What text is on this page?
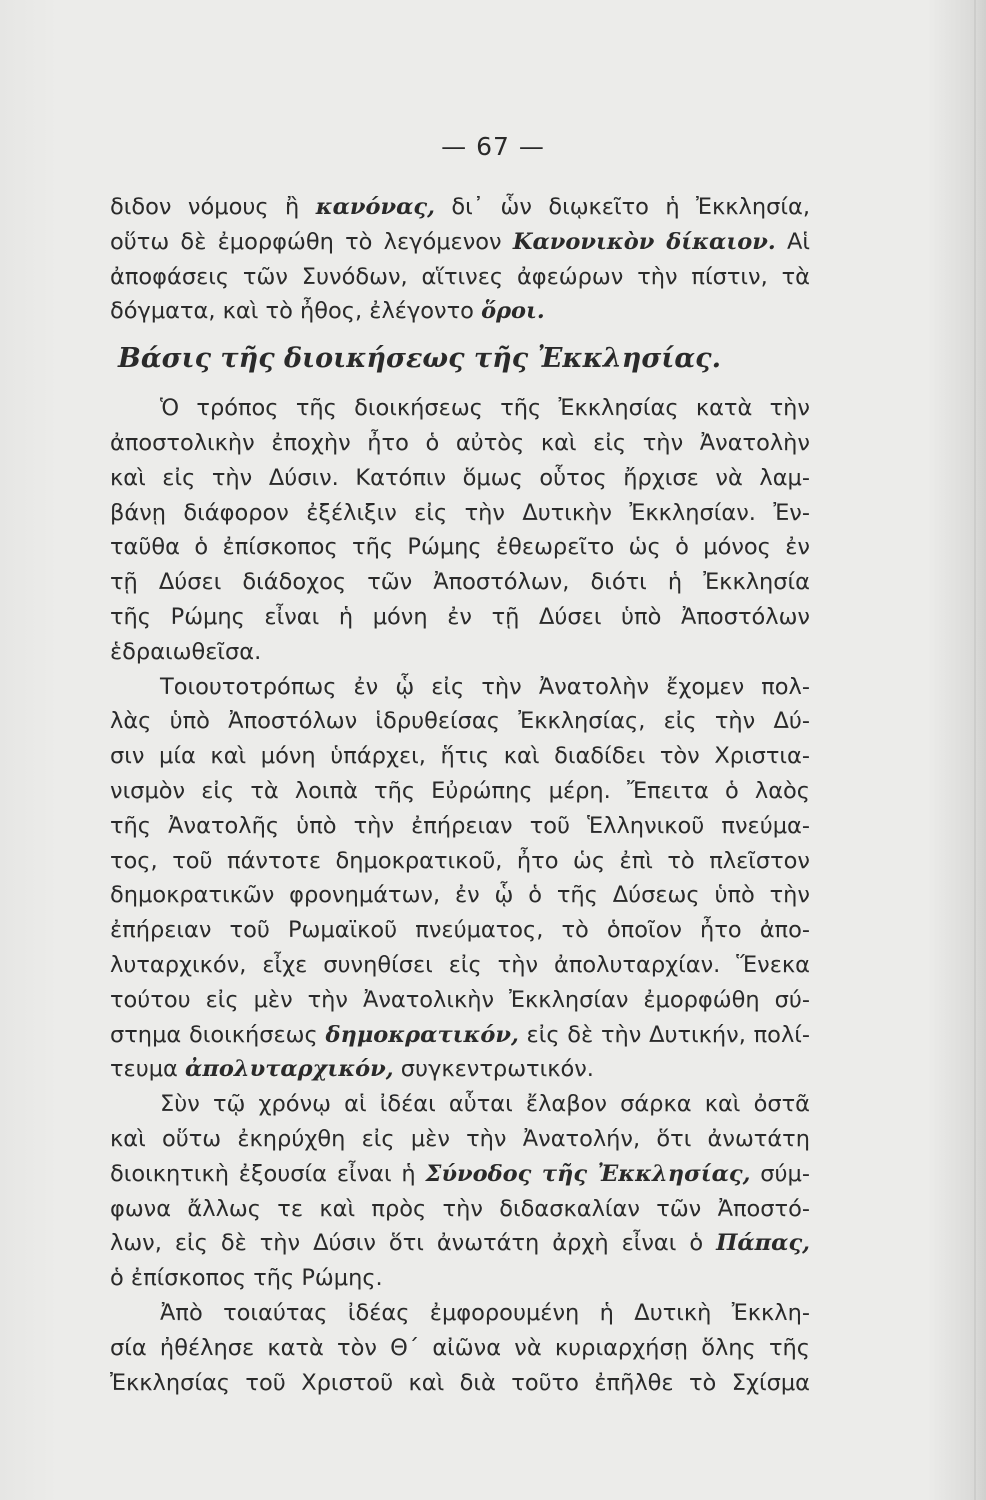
— 67 —
διδον νόμους ἢ κανόνας, δι᾽ ὧν διῳκεῖτο ἡ Ἐκκλησία,
οὕτω δὲ ἐμορφώθη τὸ λεγόμενον Κανονικὸν δίκαιον. Αἱ
ἀποφάσεις τῶν Συνόδων, αἵτινες ἀφεώρων τὴν πίστιν, τὰ
δόγματα, καὶ τὸ ἦθος, ἐλέγοντο ὅροι.
Βάσις τῆς διοικήσεως τῆς Ἐκκλησίας.
Ὁ τρόπος τῆς διοικήσεως τῆς Ἐκκλησίας κατὰ τὴν
ἀποστολικὴν ἐποχὴν ἦτο ὁ αὐτὸς καὶ εἰς τὴν Ἀνατολὴν
καὶ εἰς τὴν Δύσιν. Κατόπιν ὅμως οὗτος ἤρχισε νὰ λαμ-
βάνῃ διάφορον ἐξέλιξιν εἰς τὴν Δυτικὴν Ἐκκλησίαν. Ἐν-
ταῦθα ὁ ἐπίσκοπος τῆς Ρώμης ἐθεωρεῖτο ὡς ὁ μόνος ἐν
τῇ Δύσει διάδοχος τῶν Ἀποστόλων, διότι ἡ Ἐκκλησία
τῆς Ρώμης εἶναι ἡ μόνη ἐν τῇ Δύσει ὑπὸ Ἀποστόλων
ἑδραιωθεῖσα.
Τοιουτοτρόπως ἐν ᾧ εἰς τὴν Ἀνατολὴν ἔχομεν πολ-
λὰς ὑπὸ Ἀποστόλων ἱδρυθείσας Ἐκκλησίας, εἰς τὴν Δύ-
σιν μία καὶ μόνη ὑπάρχει, ἥτις καὶ διαδίδει τὸν Χριστια-
νισμὸν εἰς τὰ λοιπὰ τῆς Εὐρώπης μέρη. Ἔπειτα ὁ λαὸς
τῆς Ἀνατολῆς ὑπὸ τὴν ἐπήρειαν τοῦ Ἑλληνικοῦ πνεύμα-
τος, τοῦ πάντοτε δημοκρατικοῦ, ἦτο ὡς ἐπὶ τὸ πλεῖστον
δημοκρατικῶν φρονημάτων, ἐν ᾧ ὁ τῆς Δύσεως ὑπὸ τὴν
ἐπήρειαν τοῦ Ρωμαϊκοῦ πνεύματος, τὸ ὁποῖον ἦτο ἀπο-
λυταρχικόν, εἶχε συνηθίσει εἰς τὴν ἀπολυταρχίαν. Ἕνεκα
τούτου εἰς μὲν τὴν Ἀνατολικὴν Ἐκκλησίαν ἐμορφώθη σύ-
στημα διοικήσεως δημοκρατικόν, εἰς δὲ τὴν Δυτικήν, πολί-
τευμα ἀπολυταρχικόν, συγκεντρωτικόν.
Σὺν τῷ χρόνῳ αἱ ἰδέαι αὗται ἔλαβον σάρκα καὶ ὀστᾶ
καὶ οὕτω ἐκηρύχθη εἰς μὲν τὴν Ἀνατολήν, ὅτι ἀνωτάτη
διοικητικὴ ἐξουσία εἶναι ἡ Σύνοδος τῆς Ἐκκλησίας, σύμ-
φωνα ἄλλως τε καὶ πρὸς τὴν διδασκαλίαν τῶν Ἀποστό-
λων, εἰς δὲ τὴν Δύσιν ὅτι ἀνωτάτη ἀρχὴ εἶναι ὁ Πάπας,
ὁ ἐπίσκοπος τῆς Ρώμης.
Ἀπὸ τοιαύτας ἰδέας ἐμφορουμένη ἡ Δυτικὴ Ἐκκλη-
σία ἠθέλησε κατὰ τὸν Θ´ αἰῶνα νὰ κυριαρχήσῃ ὅλης τῆς
Ἐκκλησίας τοῦ Χριστοῦ καὶ διὰ τοῦτο ἐπῆλθε τὸ Σχίσμα
